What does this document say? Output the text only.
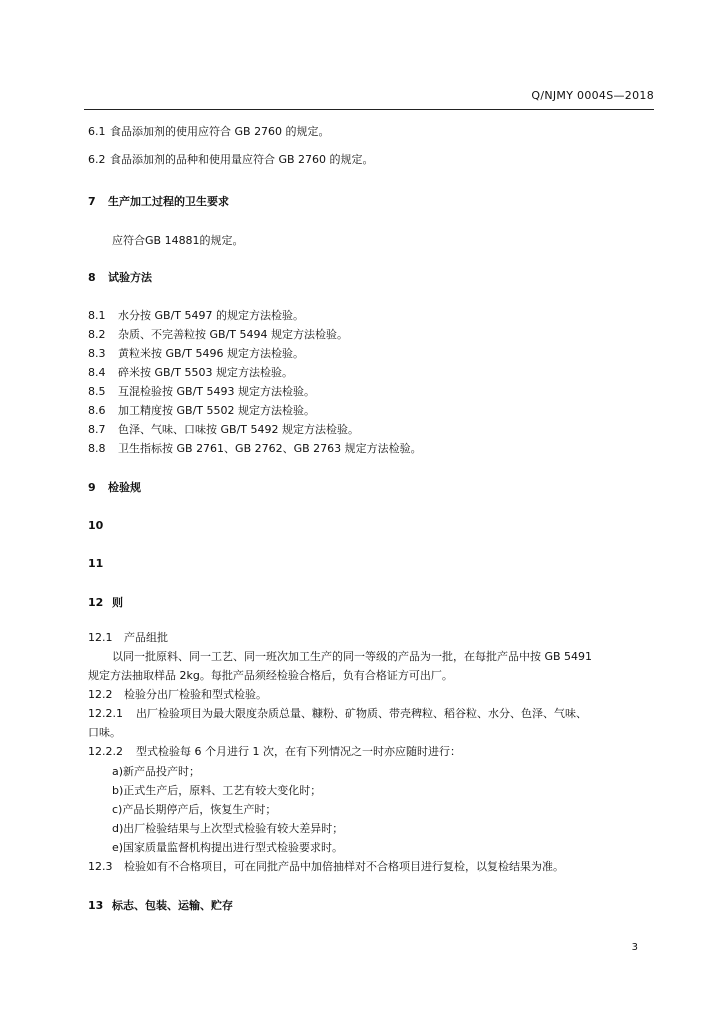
Q/NJMY 0004S—2018
6.1 食品添加剂的使用应符合 GB 2760 的规定。
6.2 食品添加剂的品种和使用量应符合 GB 2760 的规定。
7 生产加工过程的卫生要求
应符合GB 14881的规定。
8 试验方法
8.1 水分按 GB/T 5497 的规定方法检验。
8.2 杂质、不完善粒按 GB/T 5494 规定方法检验。
8.3 黄粒米按 GB/T 5496 规定方法检验。
8.4 碎米按 GB/T 5503 规定方法检验。
8.5 互混检验按 GB/T 5493 规定方法检验。
8.6 加工精度按 GB/T 5502 规定方法检验。
8.7 色泽、气味、口味按 GB/T 5492 规定方法检验。
8.8 卫生指标按 GB 2761、GB 2762、GB 2763 规定方法检验。
9 检验规
10
11
12 则
12.1 产品组批
以同一批原料、同一工艺、同一班次加工生产的同一等级的产品为一批，在每批产品中按 GB 5491
规定方法抽取样品 2kg。每批产品须经检验合格后，负有合格证方可出厂。
12.2 检验分出厂检验和型式检验。
12.2.1 出厂检验项目为最大限度杂质总量、糠粉、矿物质、带壳稗粒、稻谷粒、水分、色泽、气味、
口味。
12.2.2 型式检验每 6 个月进行 1 次，在有下列情况之一时亦应随时进行：
a)新产品投产时；
b)正式生产后，原料、工艺有较大变化时；
c)产品长期停产后，恢复生产时；
d)出厂检验结果与上次型式检验有较大差异时；
e)国家质量监督机构提出进行型式检验要求时。
12.3 检验如有不合格项目，可在同批产品中加倍抽样对不合格项目进行复检，以复检结果为准。
13 标志、包装、运输、贮存
3
